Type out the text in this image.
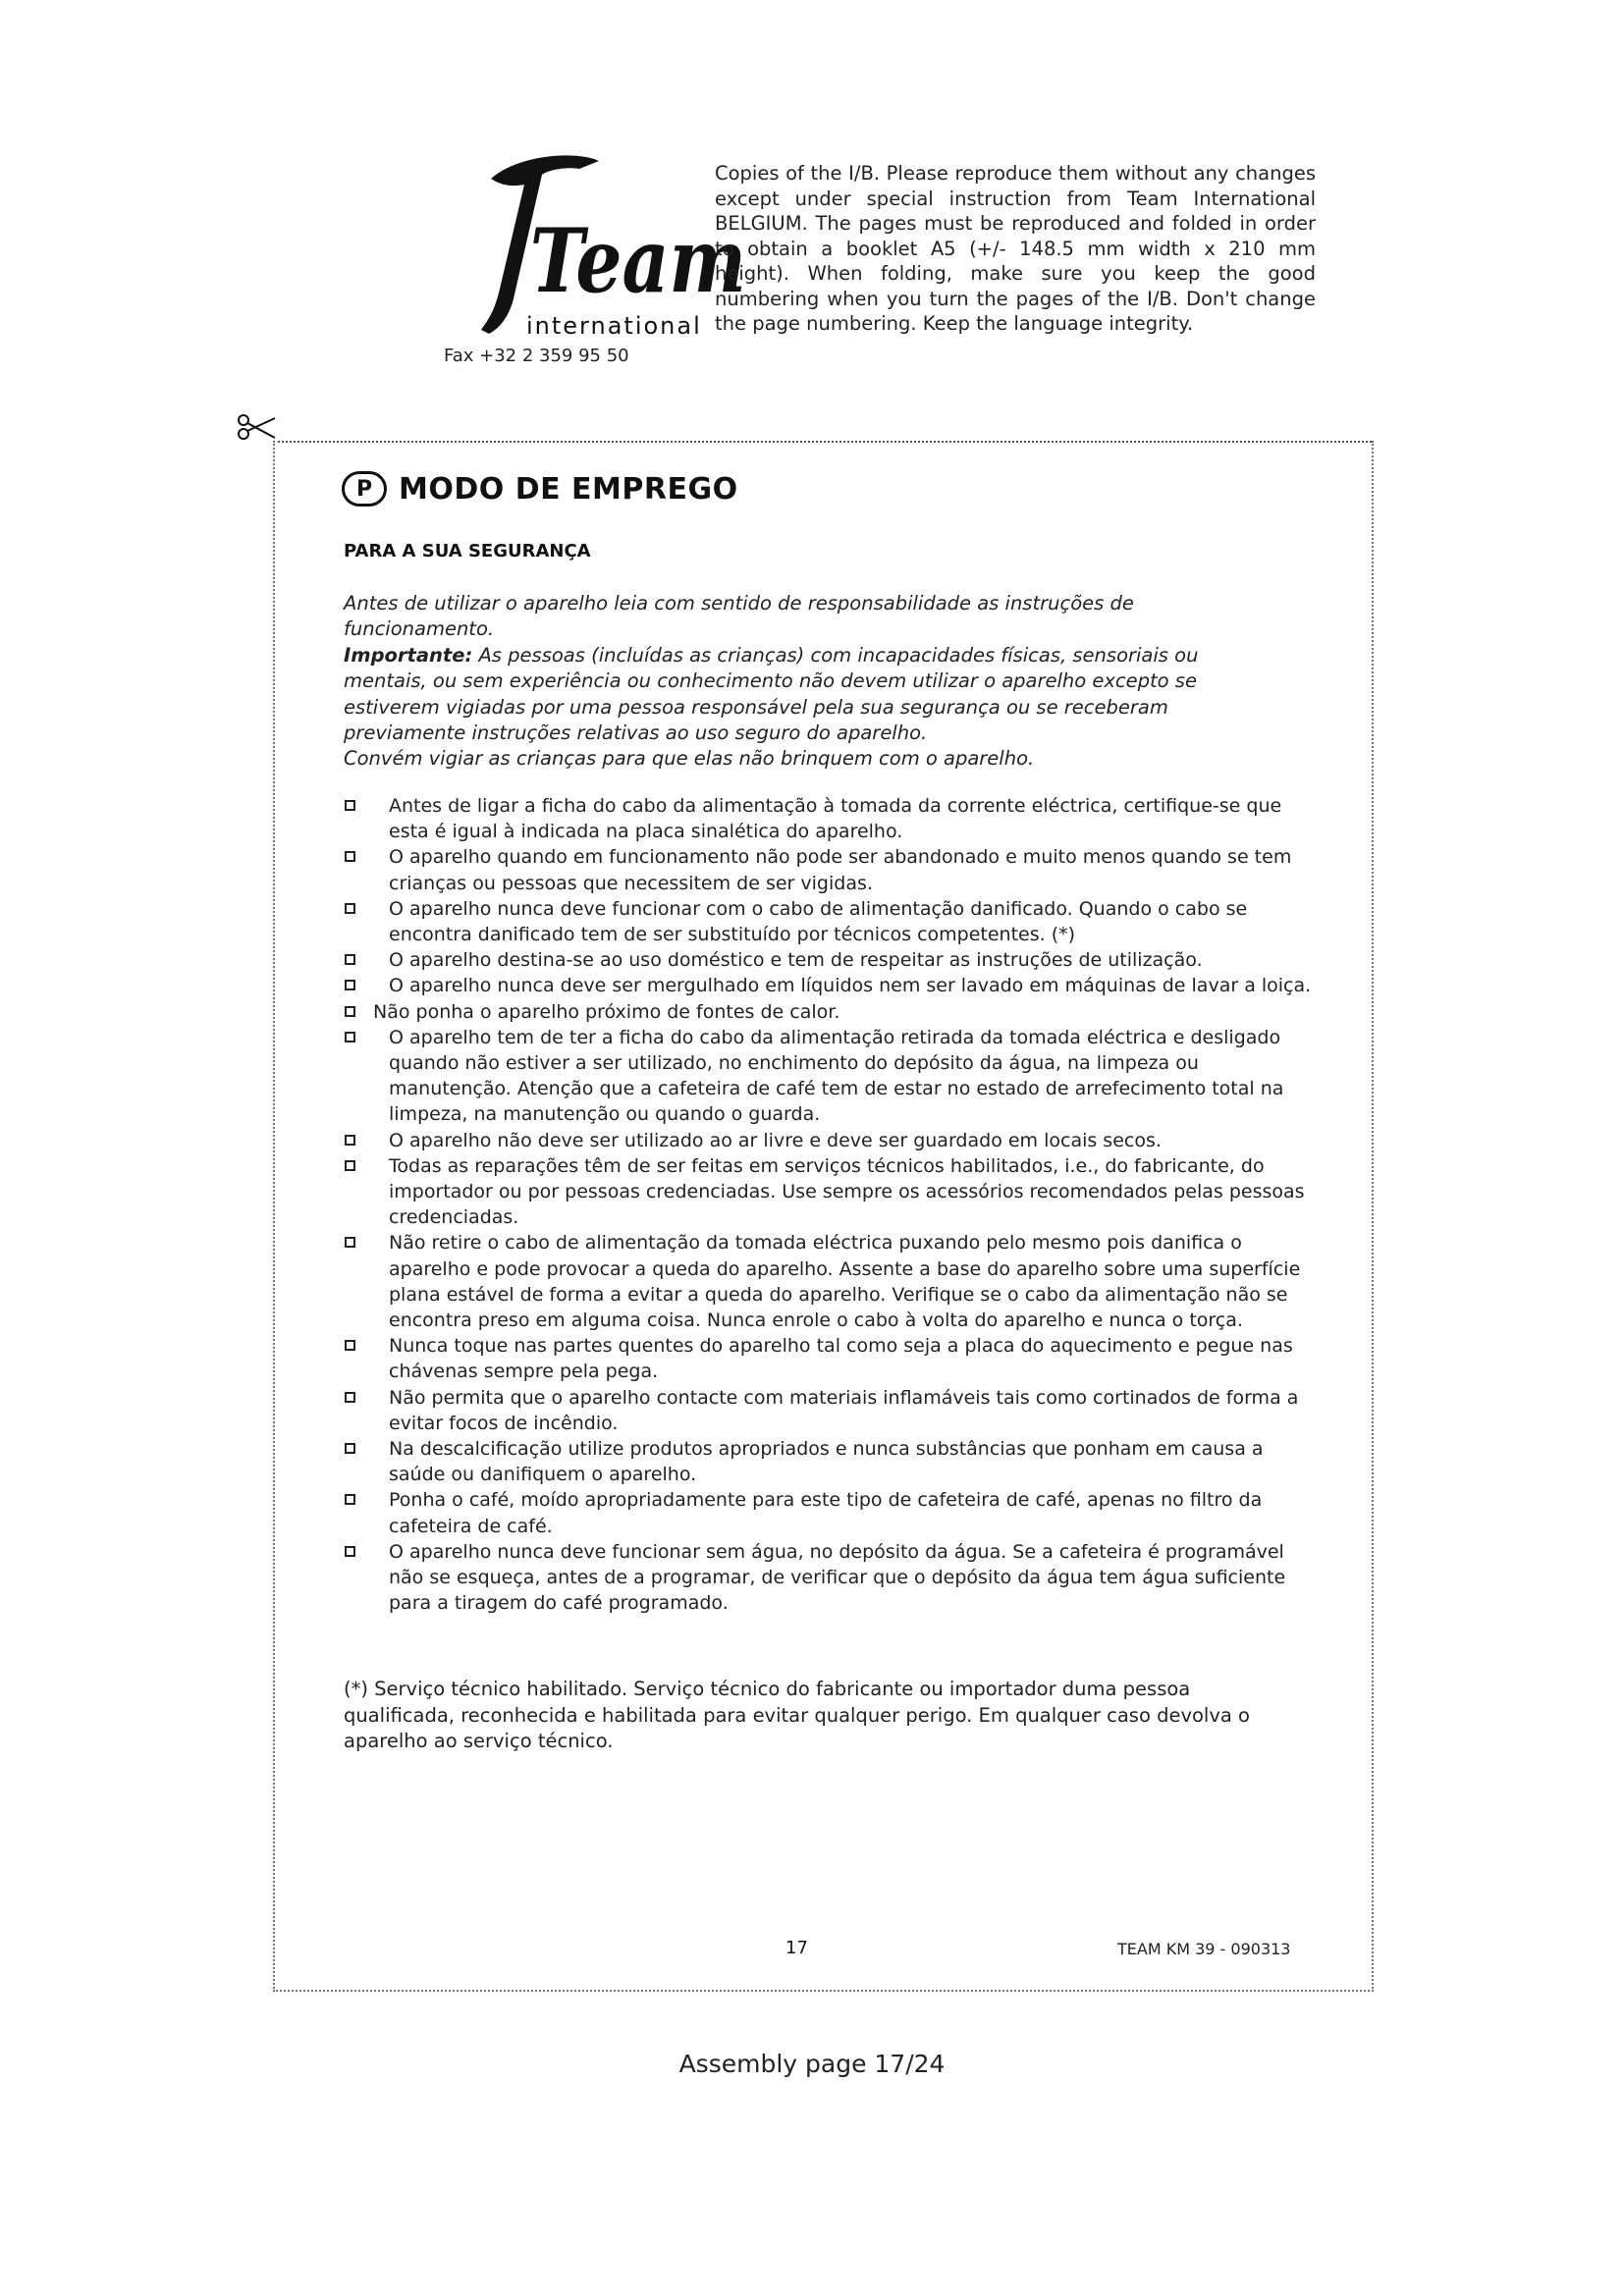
Team
international
Fax +32 2 359 95 50
Copies of the I/B. Please reproduce them without any changes except under special instruction from Team International BELGIUM. The pages must be reproduced and folded in order to obtain a booklet A5 (+/- 148.5 mm width x 210 mm height). When folding, make sure you keep the good numbering when you turn the pages of the I/B. Don't change the page numbering. Keep the language integrity.
P MODO DE EMPREGO
PARA A SUA SEGURANÇA

Antes de utilizar o aparelho leia com sentido de responsabilidade as instruções de funcionamento.

Importante: As pessoas (incluídas as crianças) com incapacidades físicas, sensoriais ou mentais, ou sem experiência ou conhecimento não devem utilizar o aparelho excepto se estiverem vigiadas por uma pessoa responsável pela sua segurança ou se receberam previamente instruções relativas ao uso seguro do aparelho.

Convém vigiar as crianças para que elas não brinquem com o aparelho.

Antes de ligar a ficha do cabo da alimentação à tomada da corrente eléctrica, certifique-se que esta é igual à indicada na placa sinalética do aparelho.
O aparelho quando em funcionamento não pode ser abandonado e muito menos quando se tem crianças ou pessoas que necessitem de ser vigidas.
O aparelho nunca deve funcionar com o cabo de alimentação danificado. Quando o cabo se encontra danificado tem de ser substituído por técnicos competentes. (*)
O aparelho destina-se ao uso doméstico e tem de respeitar as instruções de utilização.
O aparelho nunca deve ser mergulhado em líquidos nem ser lavado em máquinas de lavar a loiça.
Não ponha o aparelho próximo de fontes de calor.
O aparelho tem de ter a ficha do cabo da alimentação retirada da tomada eléctrica e desligado quando não estiver a ser utilizado, no enchimento do depósito da água, na limpeza ou manutenção. Atenção que a cafeteira de café tem de estar no estado de arrefecimento total na limpeza, na manutenção ou quando o guarda.
O aparelho não deve ser utilizado ao ar livre e deve ser guardado em locais secos.
Todas as reparações têm de ser feitas em serviços técnicos habilitados, i.e., do fabricante, do importador ou por pessoas credenciadas. Use sempre os acessórios recomendados pelas pessoas credenciadas.
Não retire o cabo de alimentação da tomada eléctrica puxando pelo mesmo pois danifica o aparelho e pode provocar a queda do aparelho. Assente a base do aparelho sobre uma superfície plana estável de forma a evitar a queda do aparelho. Verifique se o cabo da alimentação não se encontra preso em alguma coisa. Nunca enrole o cabo à volta do aparelho e nunca o torça.
Nunca toque nas partes quentes do aparelho tal como seja a placa do aquecimento e pegue nas chávenas sempre pela pega.
Não permita que o aparelho contacte com materiais inflamáveis tais como cortinados de forma a evitar focos de incêndio.
Na descalcificação utilize produtos apropriados e nunca substâncias que ponham em causa a saúde ou danifiquem o aparelho.
Ponha o café, moído apropriadamente para este tipo de cafeteira de café, apenas no filtro da cafeteira de café.
O aparelho nunca deve funcionar sem água, no depósito da água. Se a cafeteira é programável não se esqueça, antes de a programar, de verificar que o depósito da água tem água suficiente para a tiragem do café programado.
(*) Serviço técnico habilitado. Serviço técnico do fabricante ou importador duma pessoa qualificada, reconhecida e habilitada para evitar qualquer perigo. Em qualquer caso devolva o aparelho ao serviço técnico.
17	TEAM KM 39 - 090313
Assembly page 17/24
